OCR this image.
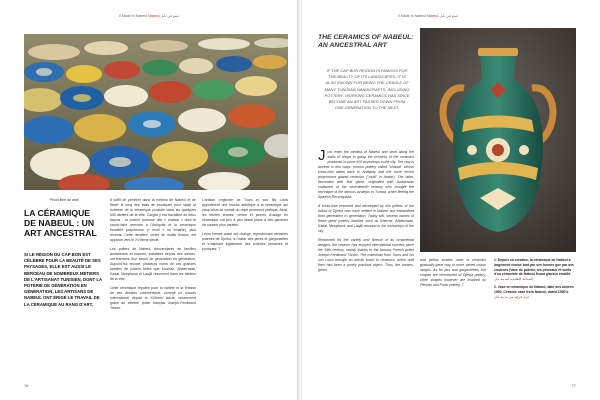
Il Made in Nabeul Nabeul صنع في نابل
Photo libre de droit
LA CÉRAMIQUE DE NABEUL : UN ART ANCESTRAL

SI LE RÉGION DU CAP BON EST CÉLÈBRE POUR LA BEAUTÉ DE SES PAYSAGES, ELLE EST AUSSI LE BERCEAU DE NOMBREUX MÉTIERS DE L'ARTISANAT TUNISIEN, DONT LA POTERIE DE GÉNÉRATION EN GÉNÉRATION, LES ARTISANS DE NABEUL ONT ÉRIGÉ LE TRAVAIL DE LA CÉRAMIQUE AU RANG D'ART.

Il suffit de pénétrer dans la médina de Nabeul et de flâner le long des étals de boutiques pour saisir la richesse de la céramique produite dans les quelques 600 ateliers de la ville. Cargila y est travaillée de deux façons : la poterie poreuse dite « chawat » dont le savoir-faire remonte à l'Antiquité et la céramique émaillée polychrome (« mulli » ou émaillé), plus récente. Cette dernière, ornée de motifs floraux, est apparue vers le XVIIème siècle.

Les potiers de Nabeul, descendants de familles andalouses et maures, installées depuis des siècles, ont transmis leur savoir de génération en génération, Aujourd'hui encore, plusieurs noms de ces grandes familles de potiers telles que Kharraz, Abderrazak, Kadal, Mekyfouck et Laajili résonnent dans les ateliers de la ville.

Cette céramique réputée pour la variété et la finesse de ses dessins ornementaux, connait un succès international depuis le XIXème siècle, notamment grâce au célèbre potier français Joseph-Ferdinand Tissier.

L'artisan originaire de Tours et son fils Louis apportèrent une touche artistique à la céramique qui jusqu'alors se voulait un objet purement pratique. Ainsi, les teintes brunes, vertes et jaunes d'usage en céramique ont peu à peu laissé place à des gammes de couleur plus variées.

Leurs formes aussi ont changé, reproduisant certaines poteries de Djerba, à l'instar des jarres et gargoulettes et s'inspirant également des poteries persanes et puniques. T

76
Il Made in Nabeul Nabeul صنع في نابل
THE CERAMICS OF NABEUL: AN ANCESTRAL ART

IF THE CAP BON REGION IS FAMOUS FOR THE BEAUTY OF ITS LANDSCAPES, IT IS ALSO KNOWN FOR BEING THE CRADLE OF MANY TUNISIAN HANDICRAFTS, INCLUDING POTTERY. WORKING CERAMICS HAS SINCE BECOME AN ART PASSED DOWN FROM ONE GENERATION TO THE NEXT.

Just enter the medina of Nabeul and stroll along the stalls of shops to grasp the richness of the ceramics produced in some 600 workshops in the city. The clay is worked in two ways: porous pottery called "chawat" whose know-how dates back to Antiquity and the more recent polychrome glazed ceramics ("mulli" in Arabic). The latter, decorated with leaf glaze, originated with Andalusian craftsmen of the seventeenth century who brought the technique of the famous azulejos to Tunisia, when fleeing the Spanish Reconquista.

A know-how resumed and developed by the potters of the island of Djerba who have settled in Nabeul and transmitted from generation to generation. Today still, several names of these great potters' families such as Kharraz, Abderrazak, Kadal, Mekyfouck and Laajili resound in the workshops of the city.

Renowned for the variety and finesse of its ornamental designs, the ceramic has enjoyed international success since the 19th century, mainly thanks to the famous French potter Joseph-Ferdinand Tissier. The craftsman from Tours and his son Louis brought an artistic touch to ceramics, which until then had been a purely practical object. Thus, the browns, green

and yellow shades used in ceramics gradually gave way to more varied colour ranges. As for jars and gargoulettes, the shapes are reminiscent of Djerba pottery, other shapes however are inspired by Persian and Punic pottery. T

1. Depuis sa création, la céramique de Nabeul a largement évolué tant par ses formes que par ses couleurs (Vase de poterie, les pinceaux et outils d'un céramiste de Nabeul fixant glaceur émaillé.
الصناعة التقليدية لمدينة نابل

2. Vase en céramique de Nabeul, daté des années 1950. Ceramic vase from Nabeul, dated 1950's.
جرة خزفية من مدينة نابل

77
